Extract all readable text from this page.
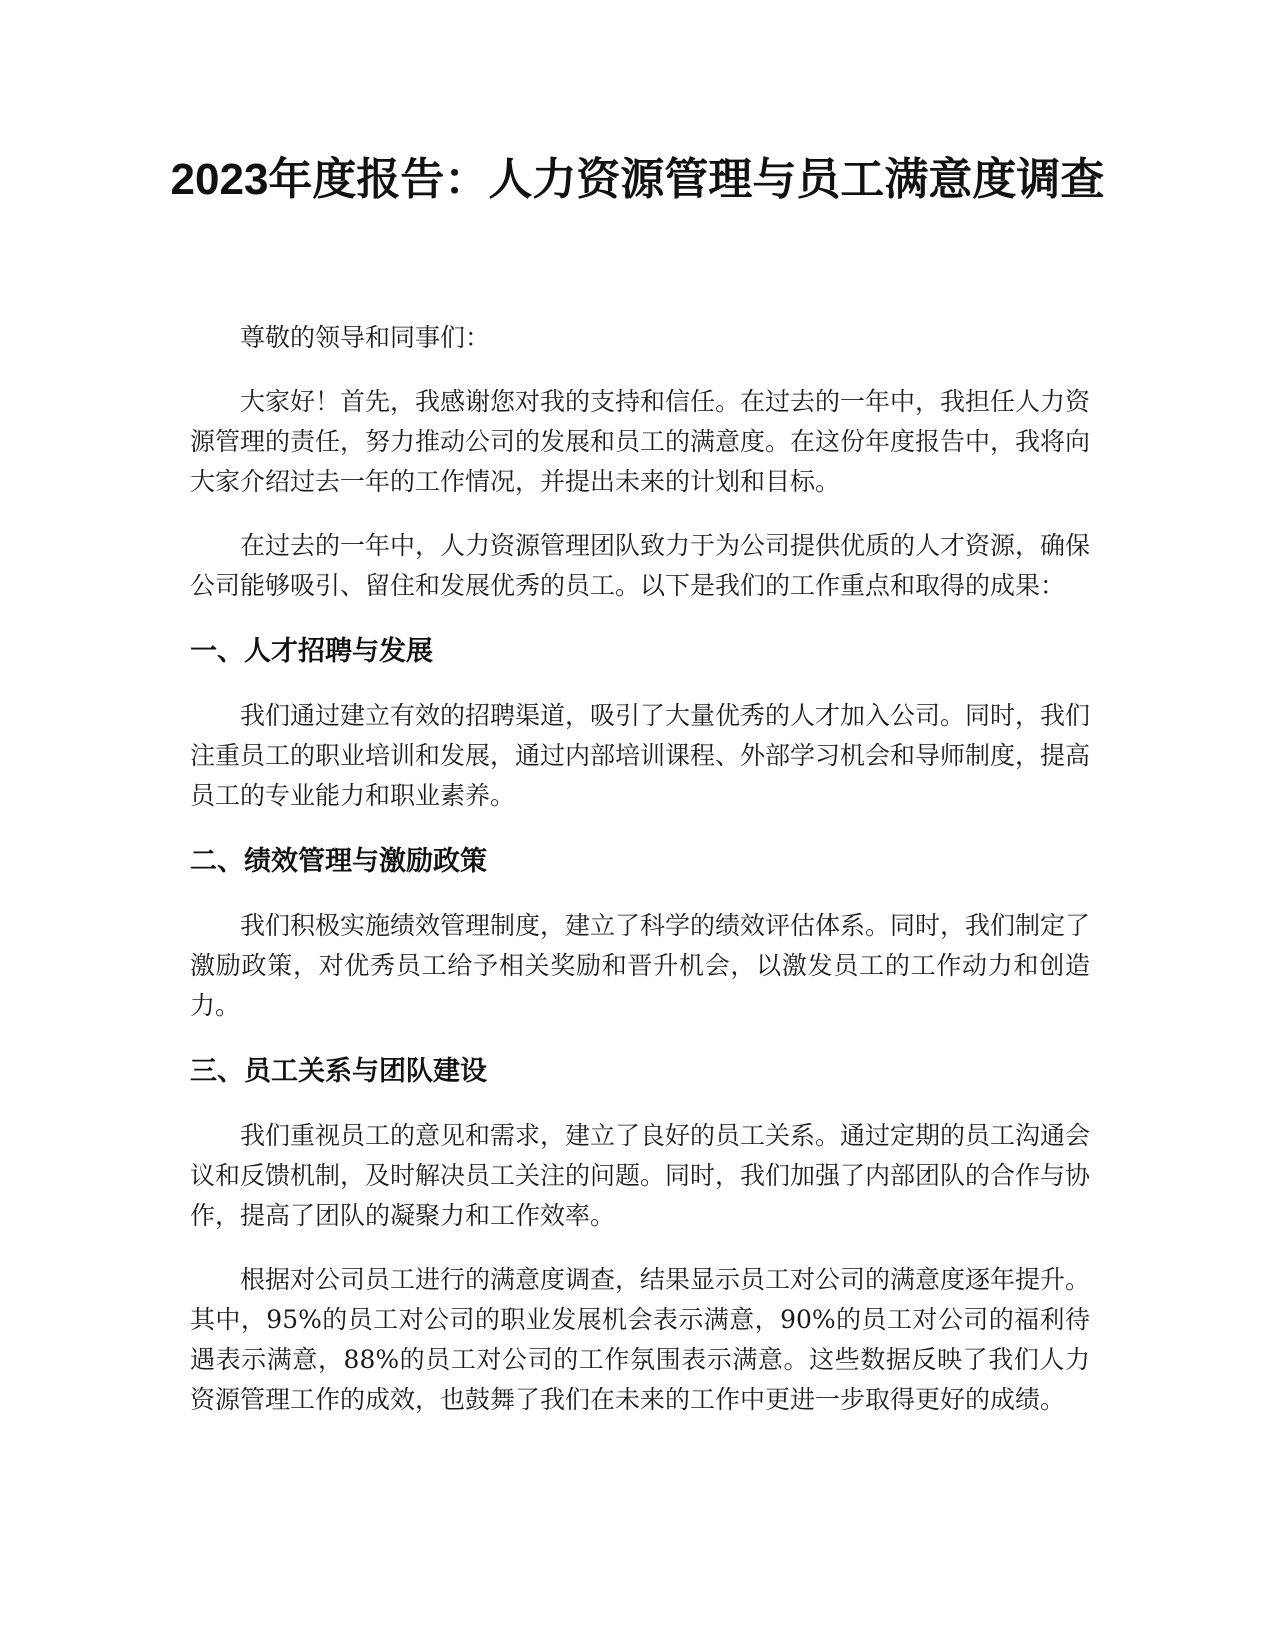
2023年度报告：人力资源管理与员工满意度调查

尊敬的领导和同事们：

大家好！首先，我感谢您对我的支持和信任。在过去的一年中，我担任人力资源管理的责任，努力推动公司的发展和员工的满意度。在这份年度报告中，我将向大家介绍过去一年的工作情况，并提出未来的计划和目标。

在过去的一年中，人力资源管理团队致力于为公司提供优质的人才资源，确保公司能够吸引、留住和发展优秀的员工。以下是我们的工作重点和取得的成果：

一、人才招聘与发展

我们通过建立有效的招聘渠道，吸引了大量优秀的人才加入公司。同时，我们注重员工的职业培训和发展，通过内部培训课程、外部学习机会和导师制度，提高员工的专业能力和职业素养。

二、绩效管理与激励政策

我们积极实施绩效管理制度，建立了科学的绩效评估体系。同时，我们制定了激励政策，对优秀员工给予相关奖励和晋升机会，以激发员工的工作动力和创造力。

三、员工关系与团队建设

我们重视员工的意见和需求，建立了良好的员工关系。通过定期的员工沟通会议和反馈机制，及时解决员工关注的问题。同时，我们加强了内部团队的合作与协作，提高了团队的凝聚力和工作效率。

根据对公司员工进行的满意度调查，结果显示员工对公司的满意度逐年提升。其中，95%的员工对公司的职业发展机会表示满意，90%的员工对公司的福利待遇表示满意，88%的员工对公司的工作氛围表示满意。这些数据反映了我们人力资源管理工作的成效，也鼓舞了我们在未来的工作中更进一步取得更好的成绩。
